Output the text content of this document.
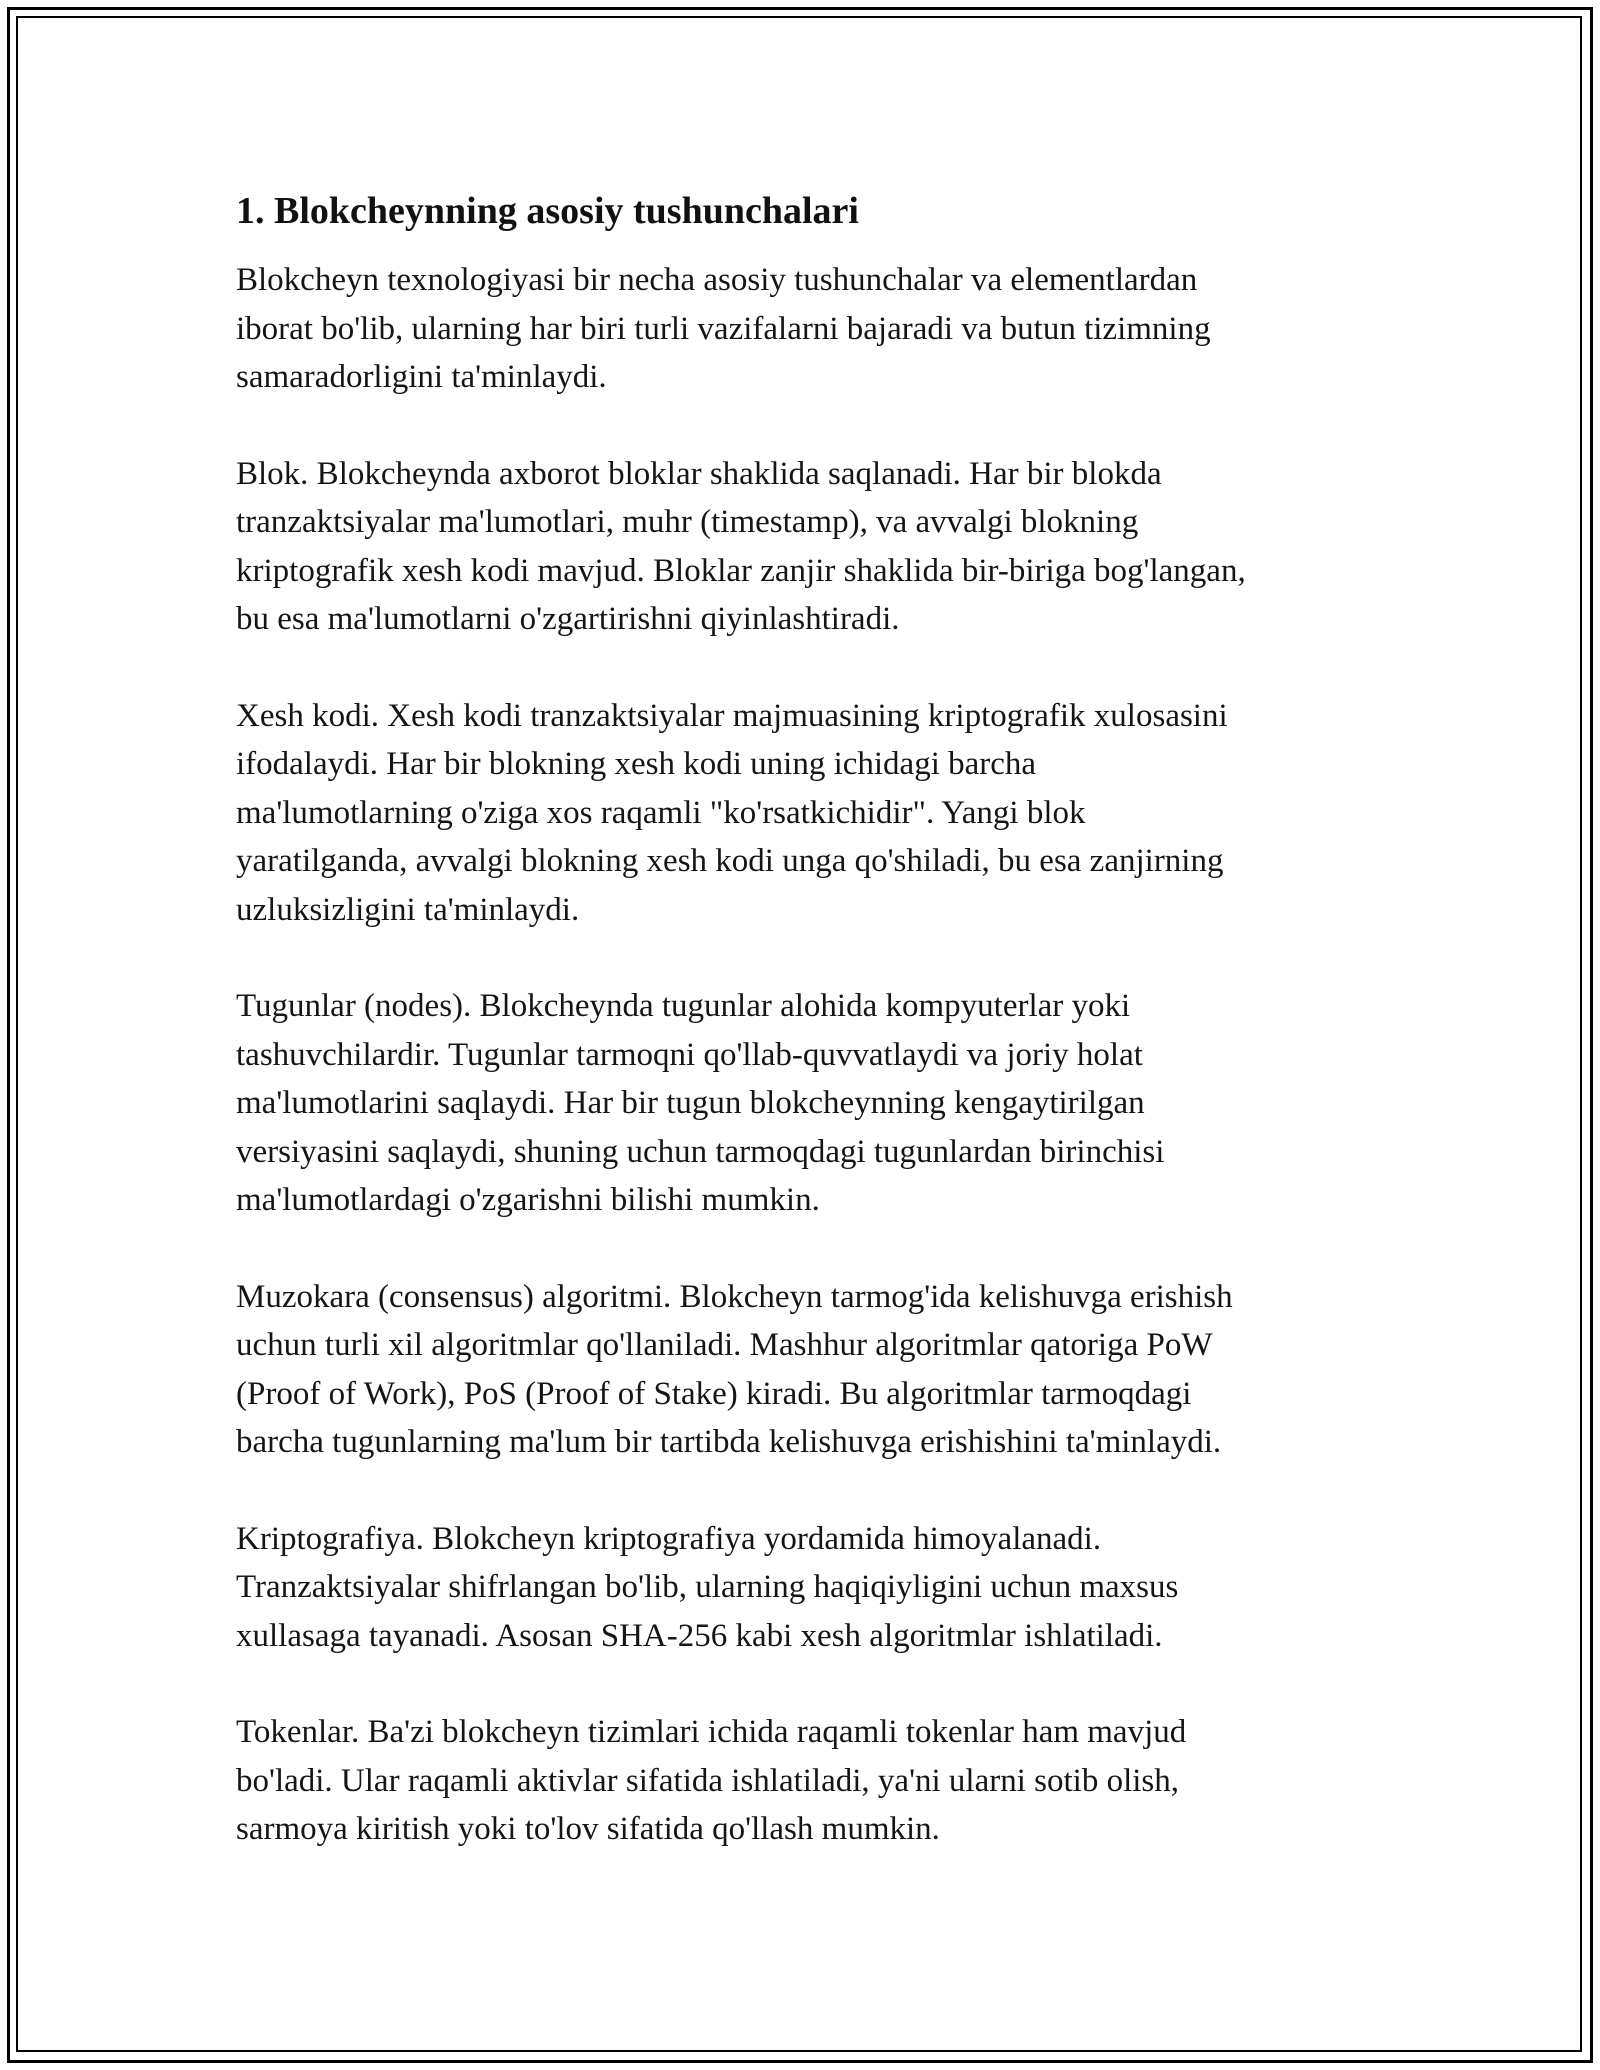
1. Blokcheynning asosiy tushunchalari
Blokcheyn texnologiyasi bir necha asosiy tushunchalar va elementlardan
iborat bo'lib, ularning har biri turli vazifalarni bajaradi va butun tizimning
samaradorligini ta'minlaydi.
Blok. Blokcheynda axborot bloklar shaklida saqlanadi. Har bir blokda
tranzaktsiyalar ma'lumotlari, muhr (timestamp), va avvalgi blokning
kriptografik xesh kodi mavjud. Bloklar zanjir shaklida bir-biriga bog'langan,
bu esa ma'lumotlarni o'zgartirishni qiyinlashtiradi.
Xesh kodi. Xesh kodi tranzaktsiyalar majmuasining kriptografik xulosasini
ifodalaydi. Har bir blokning xesh kodi uning ichidagi barcha
ma'lumotlarning o'ziga xos raqamli "ko'rsatkichidir". Yangi blok
yaratilganda, avvalgi blokning xesh kodi unga qo'shiladi, bu esa zanjirning
uzluksizligini ta'minlaydi.
Tugunlar (nodes). Blokcheynda tugunlar alohida kompyuterlar yoki
tashuvchilardir. Tugunlar tarmoqni qo'llab-quvvatlaydi va joriy holat
ma'lumotlarini saqlaydi. Har bir tugun blokcheynning kengaytirilgan
versiyasini saqlaydi, shuning uchun tarmoqdagi tugunlardan birinchisi
ma'lumotlardagi o'zgarishni bilishi mumkin.
Muzokara (consensus) algoritmi. Blokcheyn tarmog'ida kelishuvga erishish
uchun turli xil algoritmlar qo'llaniladi. Mashhur algoritmlar qatoriga PoW
(Proof of Work), PoS (Proof of Stake) kiradi. Bu algoritmlar tarmoqdagi
barcha tugunlarning ma'lum bir tartibda kelishuvga erishishini ta'minlaydi.
Kriptografiya. Blokcheyn kriptografiya yordamida himoyalanadi.
Tranzaktsiyalar shifrlangan bo'lib, ularning haqiqiyligini uchun maxsus
xullasaga tayanadi. Asosan SHA-256 kabi xesh algoritmlar ishlatiladi.
Tokenlar. Ba'zi blokcheyn tizimlari ichida raqamli tokenlar ham mavjud
bo'ladi. Ular raqamli aktivlar sifatida ishlatiladi, ya'ni ularni sotib olish,
sarmoya kiritish yoki to'lov sifatida qo'llash mumkin.
